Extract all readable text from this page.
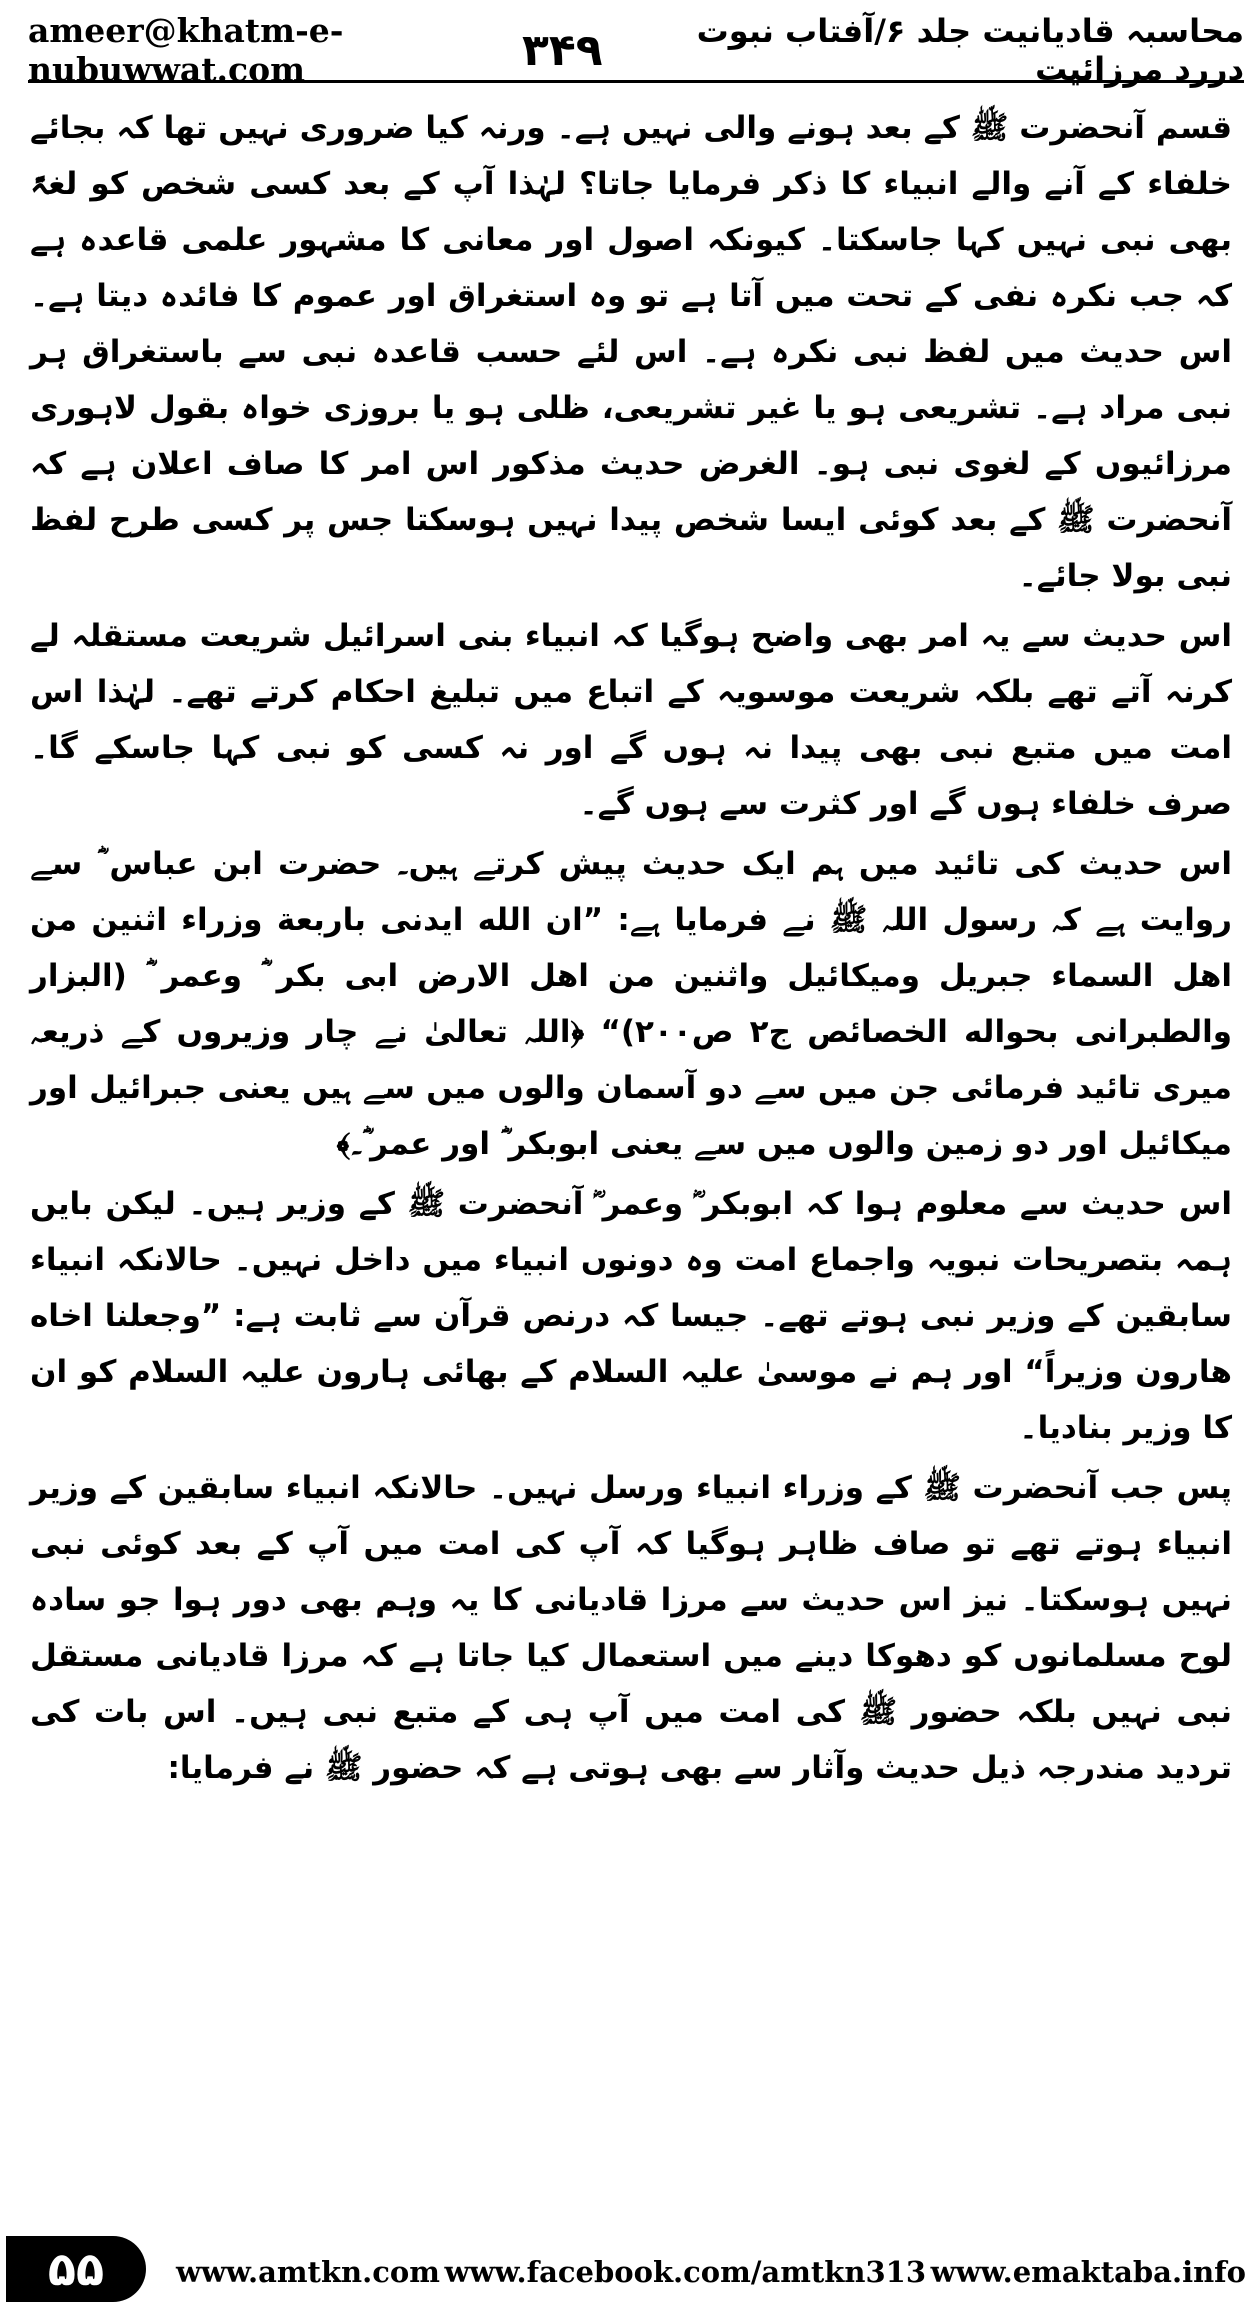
ameer@khatm-e-nubuwwat.com
محاسبہ قادیانیت جلد ۶/آفتاب نبوت دررد مرزائیت
۳۴۹

قسم آنحضرت ﷺ کے بعد ہونے والی نہیں ہے۔ ورنہ کیا ضروری نہیں تھا کہ بجائے خلفاء کے آنے والے انبیاء کا ذکر فرمایا جاتا؟ لہٰذا آپ کے بعد کسی شخص کو لغۃً بھی نبی نہیں کہا جاسکتا۔ کیونکہ اصول اور معانی کا مشہور علمی قاعدہ ہے کہ جب نکرہ نفی کے تحت میں آتا ہے تو وہ استغراق اور عموم کا فائدہ دیتا ہے۔ اس حدیث میں لفظ نبی نکرہ ہے۔ اس لئے حسب قاعدہ نبی سے باستغراق ہر نبی مراد ہے۔ تشریعی ہو یا غیر تشریعی، ظلی ہو یا بروزی خواہ بقول لاہوری مرزائیوں کے لغوی نبی ہو۔ الغرض حدیث مذکور اس امر کا صاف اعلان ہے کہ آنحضرت ﷺ کے بعد کوئی ایسا شخص پیدا نہیں ہوسکتا جس پر کسی طرح لفظ نبی بولا جائے۔

اس حدیث سے یہ امر بھی واضح ہوگیا کہ انبیاء بنی اسرائیل شریعت مستقلہ لے کرنہ آتے تھے بلکہ شریعت موسویہ کے اتباع میں تبلیغ احکام کرتے تھے۔ لہٰذا اس امت میں متبع نبی بھی پیدا نہ ہوں گے اور نہ کسی کو نبی کہا جاسکے گا۔ صرف خلفاء ہوں گے اور کثرت سے ہوں گے۔

اس حدیث کی تائید میں ہم ایک حدیث پیش کرتے ہیں۔ حضرت ابن عباس ؓ سے روایت ہے کہ رسول اللہ ﷺ نے فرمایا ہے: ”ان الله ایدنی باربعة وزراء اثنین من اهل السماء جبریل ومیکائیل واثنین من اهل الارض ابی بکر ؓ وعمر ؓ (البزار والطبرانی بحواله الخصائص ج۲ ص۲۰۰)“ ﴿اللہ تعالیٰ نے چار وزیروں کے ذریعہ میری تائید فرمائی جن میں سے دو آسمان والوں میں سے ہیں یعنی جبرائیل اور میکائیل اور دو زمین والوں میں سے یعنی ابوبکر ؓ اور عمر ؓ۔﴾

اس حدیث سے معلوم ہوا کہ ابوبکر ؓ وعمر ؓ آنحضرت ﷺ کے وزیر ہیں۔ لیکن بایں ہمہ بتصریحات نبویہ واجماع امت وہ دونوں انبیاء میں داخل نہیں۔ حالانکہ انبیاء سابقین کے وزیر نبی ہوتے تھے۔ جیسا کہ درنص قرآن سے ثابت ہے: ”وجعلنا اخاه هارون وزیراً“ اور ہم نے موسیٰ علیہ السلام کے بھائی ہارون علیہ السلام کو ان کا وزیر بنادیا۔

پس جب آنحضرت ﷺ کے وزراء انبیاء ورسل نہیں۔ حالانکہ انبیاء سابقین کے وزیر انبیاء ہوتے تھے تو صاف ظاہر ہوگیا کہ آپ کی امت میں آپ کے بعد کوئی نبی نہیں ہوسکتا۔ نیز اس حدیث سے مرزا قادیانی کا یہ وہم بھی دور ہوا جو سادہ لوح مسلمانوں کو دھوکا دینے میں استعمال کیا جاتا ہے کہ مرزا قادیانی مستقل نبی نہیں بلکہ حضور ﷺ کی امت میں آپ ہی کے متبع نبی ہیں۔ اس بات کی تردید مندرجہ ذیل حدیث وآثار سے بھی ہوتی ہے کہ حضور ﷺ نے فرمایا:

۵۵	www.amtkn.com www.facebook.com/amtkn313 www.emaktaba.info
